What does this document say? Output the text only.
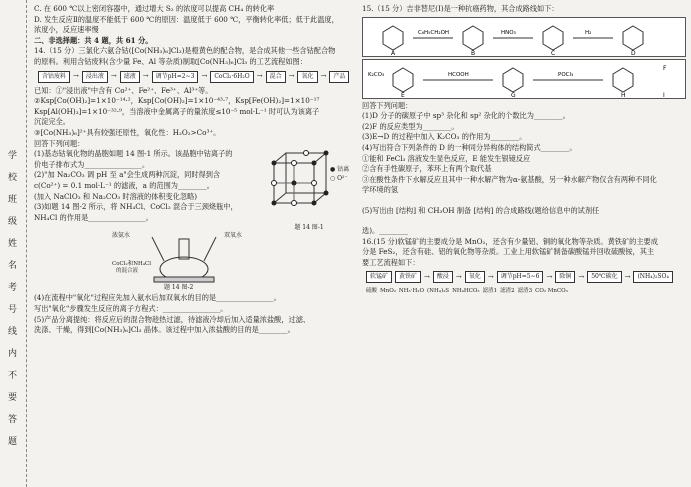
学
校
班
级
姓
名
考
号
线
内
不
要
答
题

C. 在 600 ℃以上密闭容器中，通过增大 S₂ 的浓度可以提高 CH₄ 的转化率

D. 发生反应Ⅱ的温度不能低于 600 ℃的原因：温度低于 600 ℃，平衡转化率低；低于此温度，

浓度小，反应速率慢

二、非选择题：共 4 题，共 61 分。

14.（15 分）三氯化六氨合钴([Co(NH₃)₆]Cl₃)是橙黄色的配合物，是合成其他一些含钴配合物

的原料。利用含钴废料(含少量 Fe、Al 等杂质)制取[Co(NH₃)₆]Cl₃ 的工艺流程如图：

含钴废料	→	浸出液	→	滤液	→	调节pH=2~3	→	CoCl₂·6H₂O	→	混合	→	氧化	→	产品

已知：①"浸出液"中含有 Co²⁺、Fe²⁺、Fe³⁺、Al³⁺等。

②Ksp[Co(OH)₂]=1×10⁻¹⁴·²，Ksp[Co(OH)₃]=1×10⁻⁴³·⁷，Ksp[Fe(OH)₂]=1×10⁻¹⁷

Ksp[Al(OH)₃]=1×10⁻³²·⁹，当溶液中金属离子的量浓度≤10⁻⁵ mol·L⁻¹ 时可认为该离子

沉淀完全。

③[Co(NH₃)₆]²⁺具有较强还原性，氧化性：H₂O₂>Co³⁺。

回答下列问题：

(1)基态钴氧化物的晶胞如题 14 图-1 所示。该晶胞中钴离子的

价电子排布式为________________。

(2)"加 Na₂CO₃ 调 pH 至 a"会生成两种沉淀，同时得到含

c(Co²⁺) = 0.1 mol·L⁻¹ 的滤液，a 的范围为________。

(加入 NaClO₃ 和 Na₂CO₃ 时溶液的体积变化忽略)

(3)如题 14 图-2 所示，将 NH₄Cl、CoCl₂ 混合于三颈烧瓶中，

NH₄Cl 的作用是________________。

● 钴离
○ O²⁻
题 14 图-1
浓氨水	双氧水
CoCl₂和NH₄Cl
的混合液
题 14 图-2

(4)在流程中"氧化"过程应先加入氨水后加双氧水的目的是________________。

写出"氧化"步骤发生反应的离子方程式：________________。

(5)产品分离提纯：将反应后的混合物趁热过滤，待滤液冷却后加入适量浓盐酸，过滤、

洗涤、干燥，得到[Co(NH₃)₆]Cl₃ 晶体。该过程中加入浓盐酸的目的是________。

15.（15 分）吉非替尼(I)是一种抗癌药物，其合成路线如下：

A	B	C	D
C₆H₅CH₂OH	HNO₃	H₂
K₂CO₃
E
HCOOH
G
POCl₃
H	I
F

回答下列问题：

(1)D 分子的碳原子中 sp³ 杂化和 sp² 杂化的个数比为________。

(2)F 的反应类型为________。

(3)E→D 的过程中加入 K₂CO₃ 的作用为________。

(4)写出符合下列条件的 D 的一种同分异构体的结构简式________。

①能和 FeCl₃ 溶液发生显色反应，E 能发生银镜反应

②含有手性碳原子，苯环上有两个取代基

③在酸性条件下水解反应且其中一种水解产物为α-氨基酸，另一种水解产物仅含有两种不同化

学环境的氢

(5)写出由 [结构] 和 CH₃OH 制备 [结构] 的合成路线(题给信息中的试剂任

选)。________

16.(15 分)软锰矿的主要成分是 MnO₂，还含有少量铝、铜的氧化物等杂质。黄铁矿的主要成

分是 FeS₂，还含有硅、铝的氧化物等杂质。工业上用软锰矿制备碳酸锰并回收硫酸铵，其主

要工艺流程如下：

软锰矿	黄铁矿	→	酸浸	→	氧化	→	调节pH=5~6	→	除铜	→	50℃碳化	→	(NH₄)₂SO₄
硫酸 MnO₂ NH₃·H₂O (NH₄)₂S NH₄HCO₃ 滤渣1 滤渣2 滤渣3 CO₂ MnCO₃
